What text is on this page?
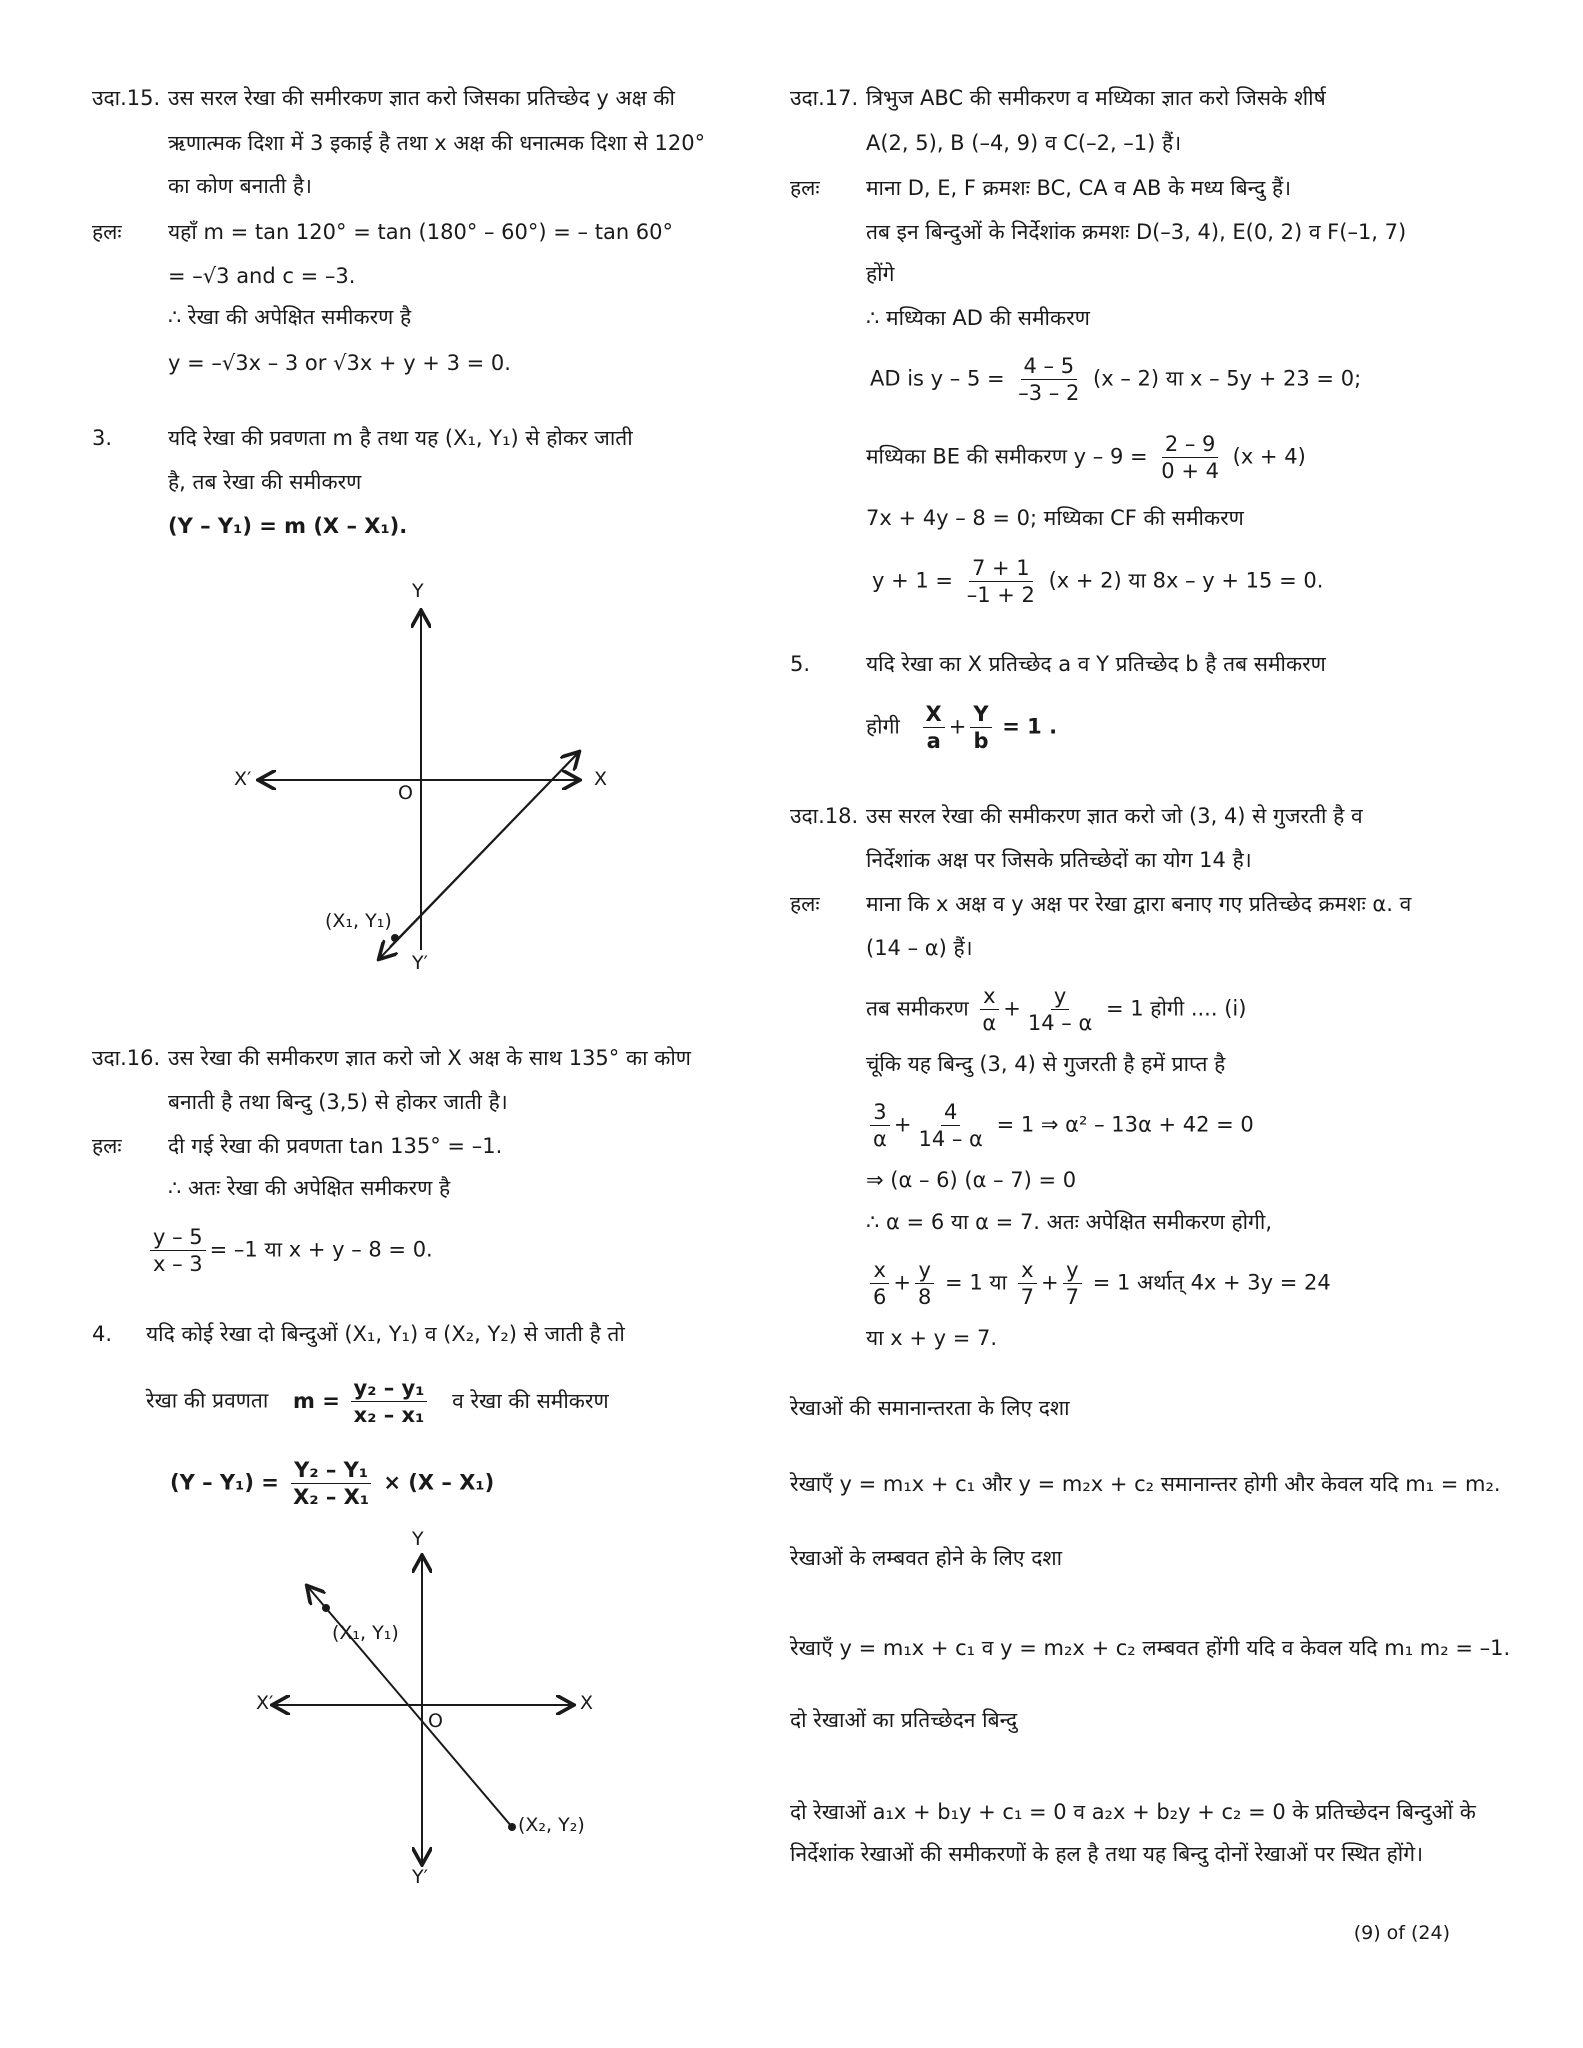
उदा.15. उस सरल रेखा की समीरकण ज्ञात करो जिसका प्रतिच्छेद y अक्ष की
ऋणात्मक दिशा में 3 इकाई है तथा x अक्ष की धनात्मक दिशा से 120°
का कोण बनाती है।
हलः यहाँ m = tan 120° = tan (180° – 60°) = – tan 60°
= –√3 and c = –3.
∴ रेखा की अपेक्षित समीकरण है
y = –√3x – 3 or √3x + y + 3 = 0.
3.	यदि रेखा की प्रवणता m है तथा यह (X₁, Y₁) से होकर जाती
है, तब रेखा की समीकरण
(Y – Y₁) = m (X – X₁).
Y
Y′
X
X′
O
(X₁, Y₁)
उदा.16. उस रेखा की समीकरण ज्ञात करो जो X अक्ष के साथ 135° का कोण
बनाती है तथा बिन्दु (3,5) से होकर जाती है।
हलः दी गई रेखा की प्रवणता tan 135° = –1.
∴ अतः रेखा की अपेक्षित समीकरण है
$\frac{y - 5}{x - 3} = -1$ या x + y – 8 = 0.
4. यदि कोई रेखा दो बिन्दुओं (X₁, Y₁) व (X₂, Y₂) से जाती है तो
रेखा की प्रवणता $m = \frac{\text{y₂ – y₁}}{\text{x₂ – x₁}}$ व रेखा की समीकरण
$(Y - Y_1) = \frac{\text{Y₂ – Y₁}}{\text{X₂ – X₁}} \times (X - X_1)$
Y
Y′
X
X′
O
(X₁, Y₁)
(X₂, Y₂)
उदा.17. त्रिभुज ABC की समीकरण व मध्यिका ज्ञात करो जिसके शीर्ष
A(2, 5), B (–4, 9) व C(–2, –1) हैं।
हलः माना D, E, F क्रमशः BC, CA व AB के मध्य बिन्दु हैं।
तब इन बिन्दुओं के निर्देशांक क्रमशः D(–3, 4), E(0, 2) व F(–1, 7)
होंगे
∴ मध्यिका AD की समीकरण
AD is $y - 5 = \frac{4 - 5}{-3 - 2} (x - 2)$ या x – 5y + 23 = 0;
मध्यिका BE की समीकरण $y - 9 = \frac{2 - 9}{0 + 4} (x + 4)$
7x + 4y – 8 = 0; मध्यिका CF की समीकरण
$y + 1 = \frac{7 + 1}{-1 + 2} (x + 2)$ या 8x – y + 15 = 0.
5.	यदि रेखा का X प्रतिच्छेद a व Y प्रतिच्छेद b है तब समीकरण
होगी $\frac{X}{a} + \frac{Y}{b} = 1$ .
उदा.18. उस सरल रेखा की समीकरण ज्ञात करो जो (3, 4) से गुजरती है व
निर्देशांक अक्ष पर जिसके प्रतिच्छेदों का योग 14 है।
हलः माना कि x अक्ष व y अक्ष पर रेखा द्वारा बनाए गए प्रतिच्छेद क्रमशः α. व
(14 – α) हैं।
तब समीकरण $\frac{x}{\alpha} + \frac{y}{14 - \alpha} = 1$ होगी .... (i)
चूंकि यह बिन्दु (3, 4) से गुजरती है हमें प्राप्त है
$\frac{3}{\alpha} + \frac{4}{14 - \alpha} = 1$ ⇒ α² – 13α + 42 = 0
⇒ (α – 6) (α – 7) = 0
∴ α = 6 या α = 7. अतः अपेक्षित समीकरण होगी,
$\frac{x}{6} + \frac{y}{8} = 1$ या $\frac{x}{7} + \frac{y}{7} = 1$ अर्थात् 4x + 3y = 24
या x + y = 7.
रेखाओं की समानान्तरता के लिए दशा
रेखाएँ y = m₁x + c₁ और y = m₂x + c₂ समानान्तर होगी और केवल यदि m₁ = m₂.
रेखाओं के लम्बवत होने के लिए दशा
रेखाएँ y = m₁x + c₁ व y = m₂x + c₂ लम्बवत होंगी यदि व केवल यदि m₁ m₂ = –1.
दो रेखाओं का प्रतिच्छेदन बिन्दु
दो रेखाओं a₁x + b₁y + c₁ = 0 व a₂x + b₂y + c₂ = 0 के प्रतिच्छेदन बिन्दुओं के
निर्देशांक रेखाओं की समीकरणों के हल है तथा यह बिन्दु दोनों रेखाओं पर स्थित होंगे।
(9) of (24)
